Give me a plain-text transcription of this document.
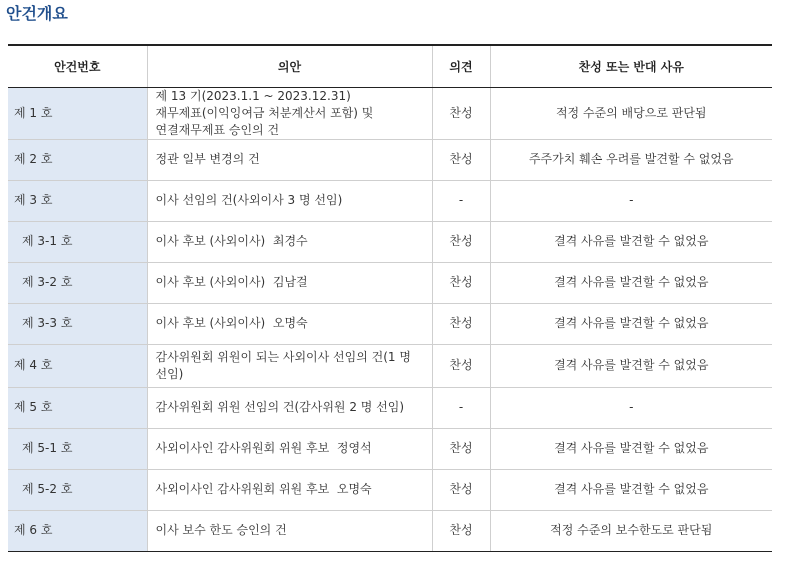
안건개요
안건번호	의안	의견	찬성 또는 반대 사유
제 1 호	제 13 기(2023.1.1 ~ 2023.12.31)
재무제표(이익잉여금 처분계산서 포함) 및
연결재무제표 승인의 건	찬성	적정 수준의 배당으로 판단됨
제 2 호	정관 일부 변경의 건	찬성	주주가치 훼손 우려를 발견할 수 없었음
제 3 호	이사 선임의 건(사외이사 3 명 선임)	-	-
제 3-1 호	이사 후보 (사외이사)  최경수	찬성	결격 사유를 발견할 수 없었음
제 3-2 호	이사 후보 (사외이사)  김남걸	찬성	결격 사유를 발견할 수 없었음
제 3-3 호	이사 후보 (사외이사)  오명숙	찬성	결격 사유를 발견할 수 없었음
제 4 호	감사위원회 위원이 되는 사외이사 선임의 건(1 명
선임)	찬성	결격 사유를 발견할 수 없었음
제 5 호	감사위원회 위원 선임의 건(감사위원 2 명 선임)	-	-
제 5-1 호	사외이사인 감사위원회 위원 후보  정영석	찬성	결격 사유를 발견할 수 없었음
제 5-2 호	사외이사인 감사위원회 위원 후보  오명숙	찬성	결격 사유를 발견할 수 없었음
제 6 호	이사 보수 한도 승인의 건	찬성	적정 수준의 보수한도로 판단됨
